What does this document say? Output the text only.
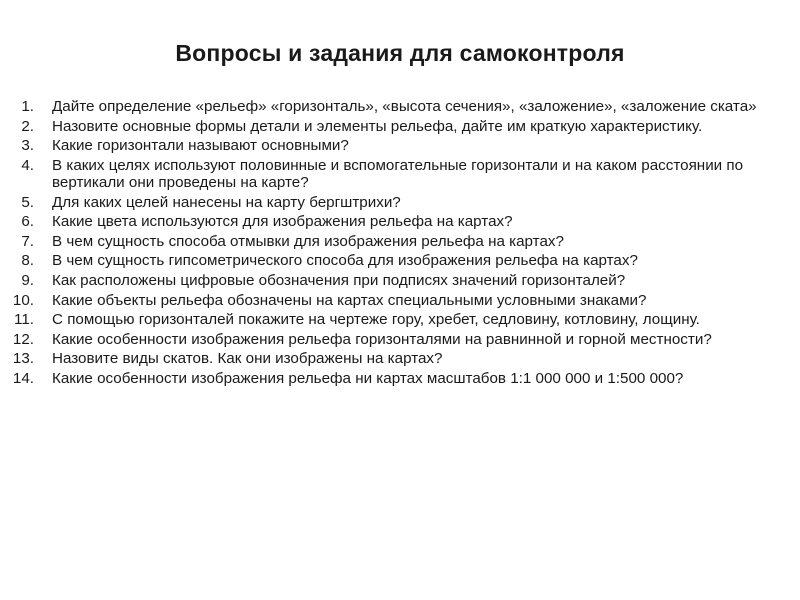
Вопросы и задания для самоконтроля
1. Дайте определение «рельеф» «горизонталь», «высота сечения», «заложение», «заложение ската»
2. Назовите основные формы детали и элементы рельефа, дайте им краткую характеристику.
3. Какие горизонтали называют основными?
4. В каких целях используют половинные и вспомогательные горизонтали и на каком расстоянии по вертикали они проведены на карте?
5. Для каких целей нанесены на карту бергштрихи?
6. Какие цвета используются для изображения рельефа на картах?
7. В чем сущность способа отмывки для изображения рельефа на картах?
8. В чем сущность гипсометрического способа для изображения рельефа на картах?
9. Как расположены цифровые обозначения при подписях значений горизонталей?
10. Какие объекты рельефа обозначены на картах специальными условными знаками?
11. С помощью горизонталей покажите на чертеже гору, хребет, седловину, котловину, лощину.
12. Какие особенности изображения рельефа горизонталями на равнинной и горной местности?
13. Назовите виды скатов. Как они изображены на картах?
14. Какие особенности изображения рельефа ни картах масштабов 1:1 000 000 и 1:500 000?
